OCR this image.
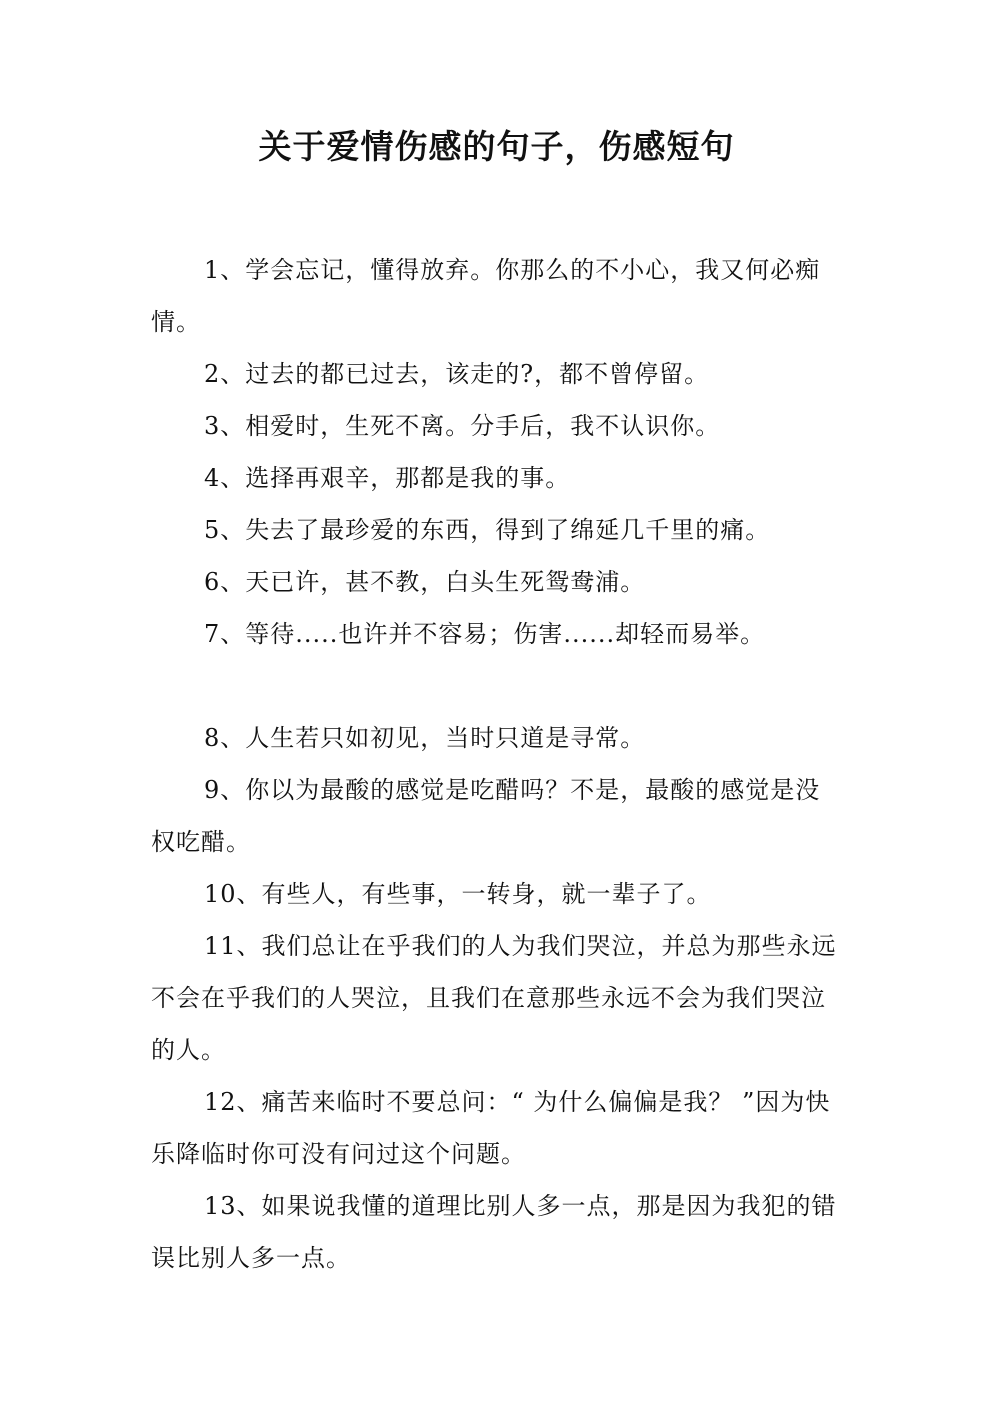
关于爱情伤感的句子，伤感短句

1、学会忘记，懂得放弃。你那么的不小心，我又何必痴情。

2、过去的都已过去，该走的?，都不曾停留。

3、相爱时，生死不离。分手后，我不认识你。

4、选择再艰辛，那都是我的事。

5、失去了最珍爱的东西，得到了绵延几千里的痛。

6、天已许，甚不教，白头生死鸳鸯浦。

7、等待.....也许并不容易；伤害......却轻而易举。

8、人生若只如初见，当时只道是寻常。

9、你以为最酸的感觉是吃醋吗？不是，最酸的感觉是没权吃醋。

10、有些人，有些事，一转身，就一辈子了。

11、我们总让在乎我们的人为我们哭泣，并总为那些永远不会在乎我们的人哭泣，且我们在意那些永远不会为我们哭泣的人。

12、痛苦来临时不要总问：“ 为什么偏偏是我？ ”因为快乐降临时你可没有问过这个问题。

13、如果说我懂的道理比别人多一点，那是因为我犯的错误比别人多一点。
